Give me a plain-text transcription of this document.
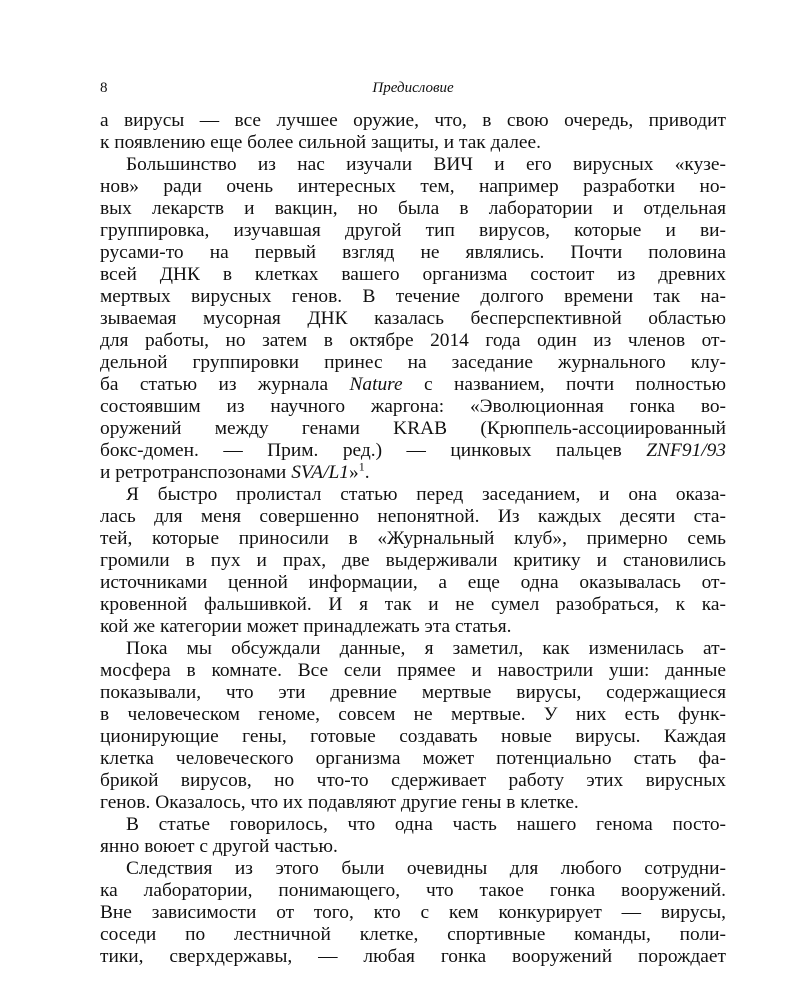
8	Предисловие
а вирусы — все лучшее оружие, что, в свою очередь, приводит
к появлению еще более сильной защиты, и так далее.
Большинство из нас изучали ВИЧ и его вирусных «кузе-
нов» ради очень интересных тем, например разработки но-
вых лекарств и вакцин, но была в лаборатории и отдельная
группировка, изучавшая другой тип вирусов, которые и ви-
русами-то на первый взгляд не являлись. Почти половина
всей ДНК в клетках вашего организма состоит из древних
мертвых вирусных генов. В течение долгого времени так на-
зываемая мусорная ДНК казалась бесперспективной областью
для работы, но затем в октябре 2014 года один из членов от-
дельной группировки принес на заседание журнального клу-
ба статью из журнала Nature с названием, почти полностью
состоявшим из научного жаргона: «Эволюционная гонка во-
оружений между генами KRAB (Крюппель-ассоциированный
бокс-домен. — Прим. ред.) — цинковых пальцев ZNF91/93
и ретротранспозонами SVA/L1»$^1$.
Я быстро пролистал статью перед заседанием, и она оказа-
лась для меня совершенно непонятной. Из каждых десяти ста-
тей, которые приносили в «Журнальный клуб», примерно семь
громили в пух и прах, две выдерживали критику и становились
источниками ценной информации, а еще одна оказывалась от-
кровенной фальшивкой. И я так и не сумел разобраться, к ка-
кой же категории может принадлежать эта статья.
Пока мы обсуждали данные, я заметил, как изменилась ат-
мосфера в комнате. Все сели прямее и навострили уши: данные
показывали, что эти древние мертвые вирусы, содержащиеся
в человеческом геноме, совсем не мертвые. У них есть функ-
ционирующие гены, готовые создавать новые вирусы. Каждая
клетка человеческого организма может потенциально стать фа-
брикой вирусов, но что-то сдерживает работу этих вирусных
генов. Оказалось, что их подавляют другие гены в клетке.
В статье говорилось, что одна часть нашего генома посто-
янно воюет с другой частью.
Следствия из этого были очевидны для любого сотрудни-
ка лаборатории, понимающего, что такое гонка вооружений.
Вне зависимости от того, кто с кем конкурирует — вирусы,
соседи по лестничной клетке, спортивные команды, поли-
тики, сверхдержавы, — любая гонка вооружений порождает
